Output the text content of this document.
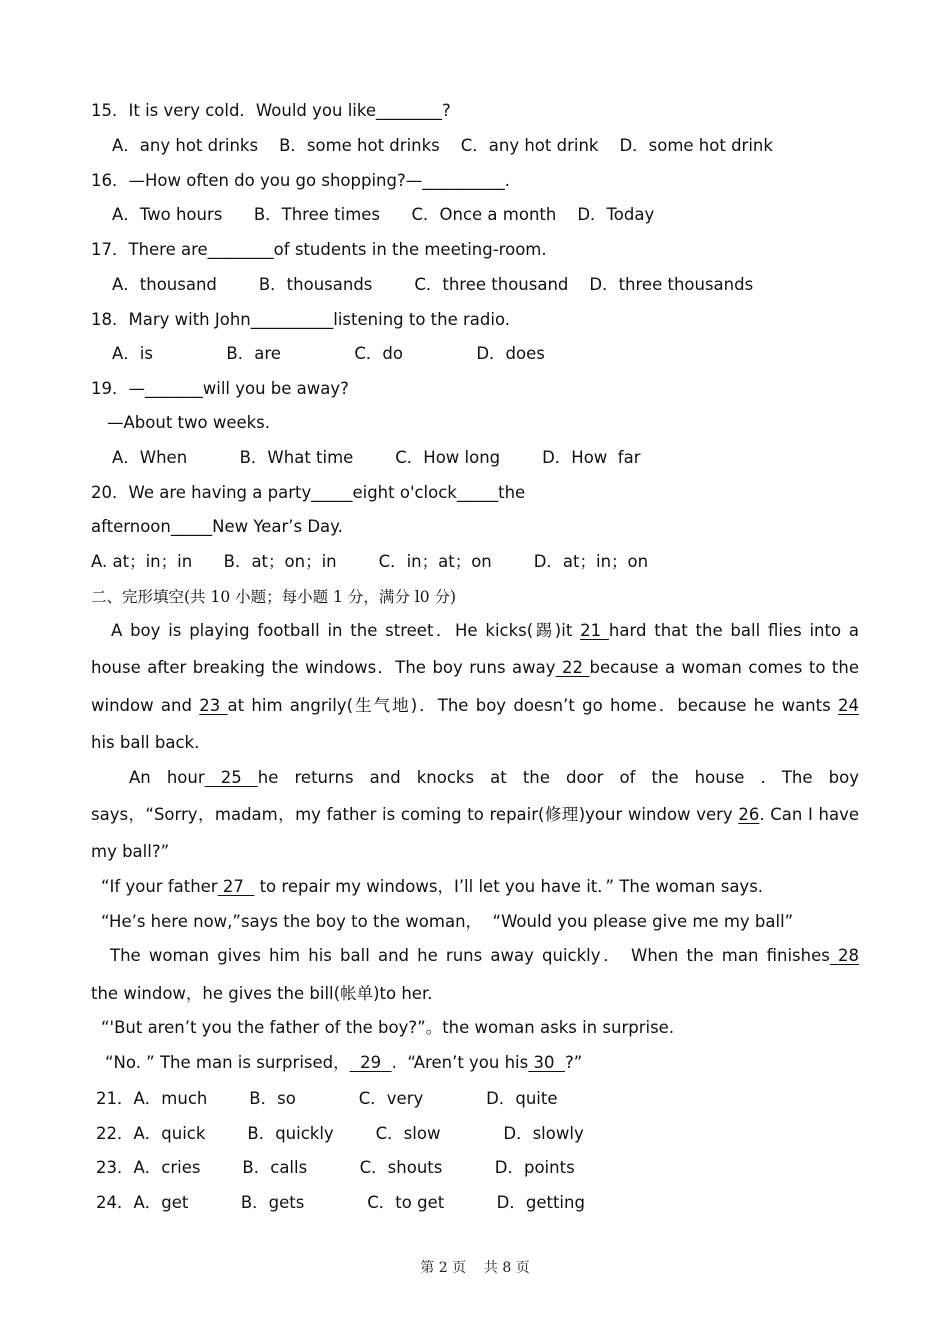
15．It is very cold．Would you like________?
A．any hot drinks    B．some hot drinks    C．any hot drink    D．some hot drink
16．—How often do you go shopping?—__________.
A．Two hours      B．Three times      C．Once a month    D．Today
17．There are________of students in the meeting-room.
A．thousand        B．thousands        C．three thousand    D．three thousands
18．Mary with John__________listening to the radio.
A．is              B．are              C．do              D．does
19．—_______will you be away?
—About two weeks.
A．When          B．What time        C．How long        D．How  far
20．We are having a party_____eight o'clock_____the
afternoon_____New Year’s Day.
A. at；in；in      B．at；on；in        C．in；at；on        D．at；in；on
二、完形填空(共 10 小题；每小题 1 分，满分 l0 分)
A boy is playing football in the street．He kicks(踢)it 21 hard that the ball flies into a
house after breaking the windows．The boy runs away 22 because a woman comes to the
window and 23 at him angrily(生气地)．The boy doesn’t go home．because he wants 24
his ball back.
An hour 25 he returns and knocks at the door of the house . The boy
says，“Sorry，madam，my father is coming to repair(修理)your window very 26. Can I have
my ball?”
“If your father 27   to repair my windows，I’ll let you have it．” The woman says.
“He’s here now,”says the boy to the woman，  “Would you please give me my ball”
The woman gives him his ball and he runs away quickly． When the man finishes 28
the window，he gives the bill(帐单)to her.
“'But aren’t you the father of the boy?”。the woman asks in surprise.
“No. ” The man is surprised，  29  .  “Aren’t you his 30  ?”
21．A．much        B．so            C．very            D．quite
22．A．quick        B．quickly        C．slow            D．slowly
23．A．cries        B．calls          C．shouts          D．points
24．A．get          B．gets            C．to get          D．getting
第 2 页    共 8 页
